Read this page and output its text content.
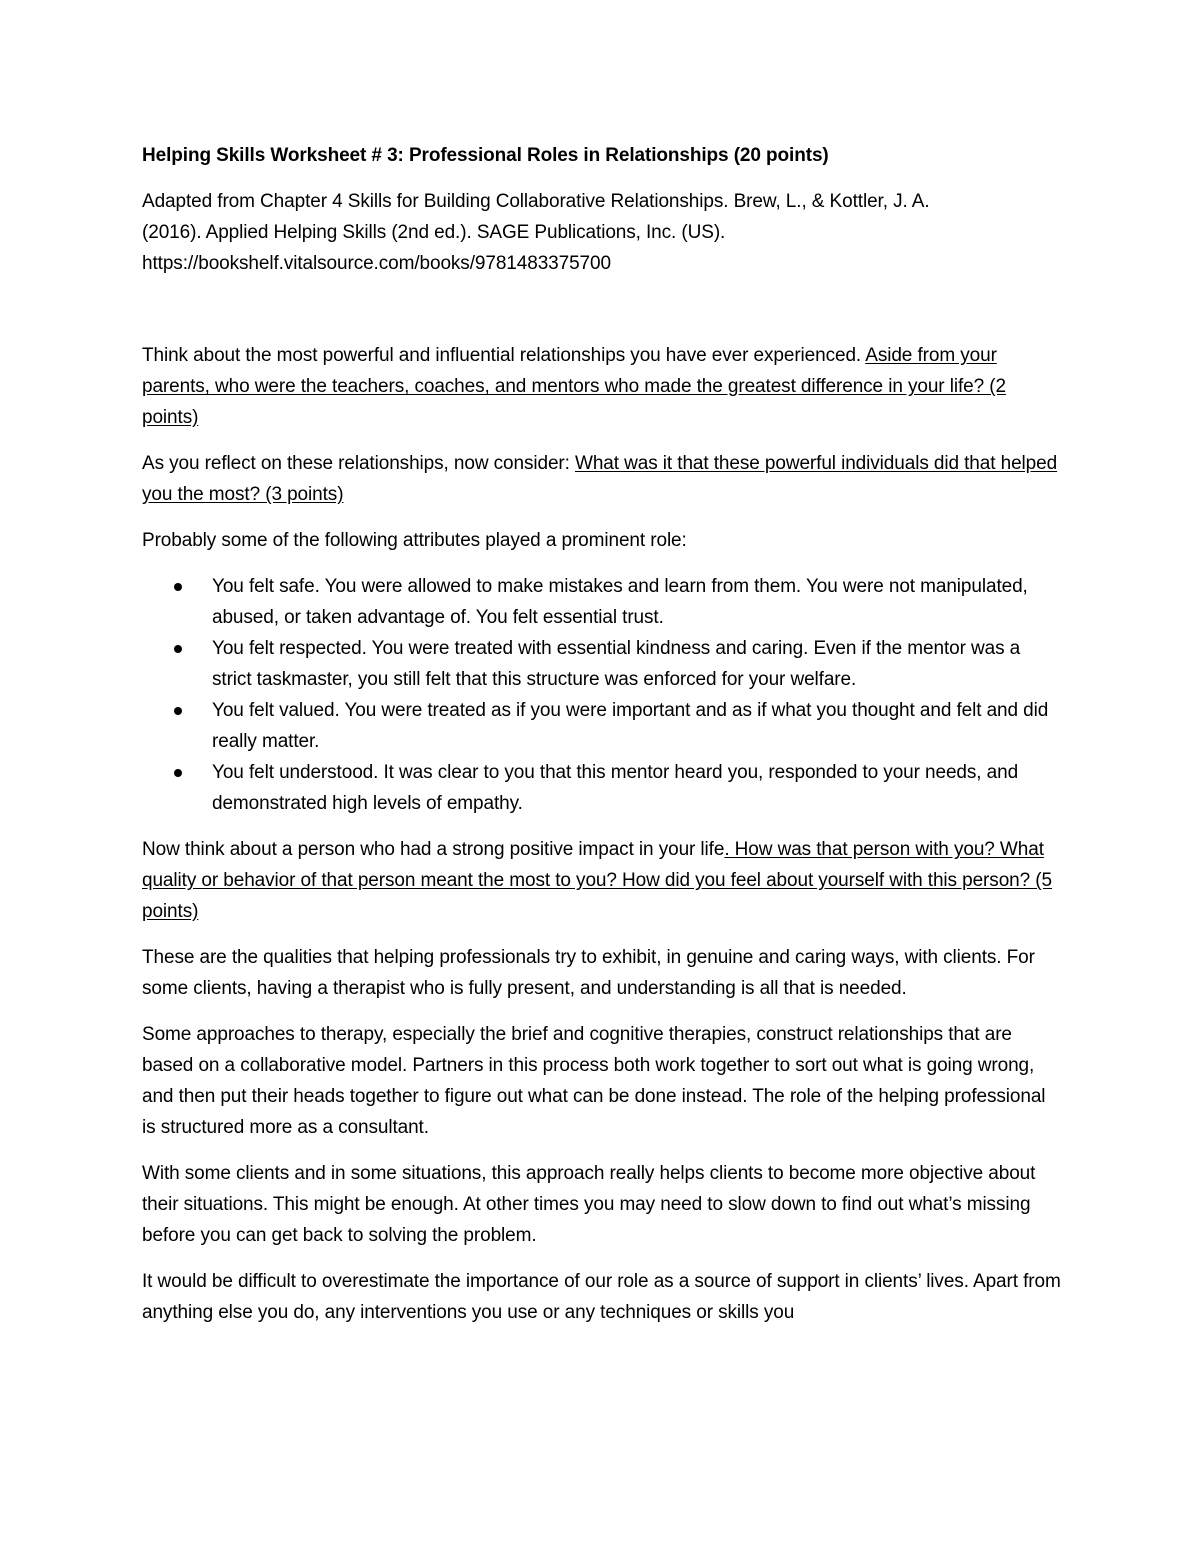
Helping Skills Worksheet # 3: Professional Roles in Relationships (20 points)

Adapted from Chapter 4 Skills for Building Collaborative Relationships. Brew, L., & Kottler, J. A.
(2016). Applied Helping Skills (2nd ed.). SAGE Publications, Inc. (US).
https://bookshelf.vitalsource.com/books/9781483375700

Think about the most powerful and influential relationships you have ever experienced. Aside from your parents, who were the teachers, coaches, and mentors who made the greatest difference in your life? (2 points)

As you reflect on these relationships, now consider: What was it that these powerful individuals did that helped you the most? (3 points)

Probably some of the following attributes played a prominent role:

You felt safe. You were allowed to make mistakes and learn from them. You were not manipulated, abused, or taken advantage of. You felt essential trust.
You felt respected. You were treated with essential kindness and caring. Even if the mentor was a strict taskmaster, you still felt that this structure was enforced for your welfare.
You felt valued. You were treated as if you were important and as if what you thought and felt and did really matter.
You felt understood. It was clear to you that this mentor heard you, responded to your needs, and demonstrated high levels of empathy.

Now think about a person who had a strong positive impact in your life. How was that person with you? What quality or behavior of that person meant the most to you? How did you feel about yourself with this person? (5 points)

These are the qualities that helping professionals try to exhibit, in genuine and caring ways, with clients. For some clients, having a therapist who is fully present, and understanding is all that is needed.

Some approaches to therapy, especially the brief and cognitive therapies, construct relationships that are based on a collaborative model. Partners in this process both work together to sort out what is going wrong, and then put their heads together to figure out what can be done instead. The role of the helping professional is structured more as a consultant.

With some clients and in some situations, this approach really helps clients to become more objective about their situations. This might be enough. At other times you may need to slow down to find out what’s missing before you can get back to solving the problem.

It would be difficult to overestimate the importance of our role as a source of support in clients’ lives. Apart from anything else you do, any interventions you use or any techniques or skills you
